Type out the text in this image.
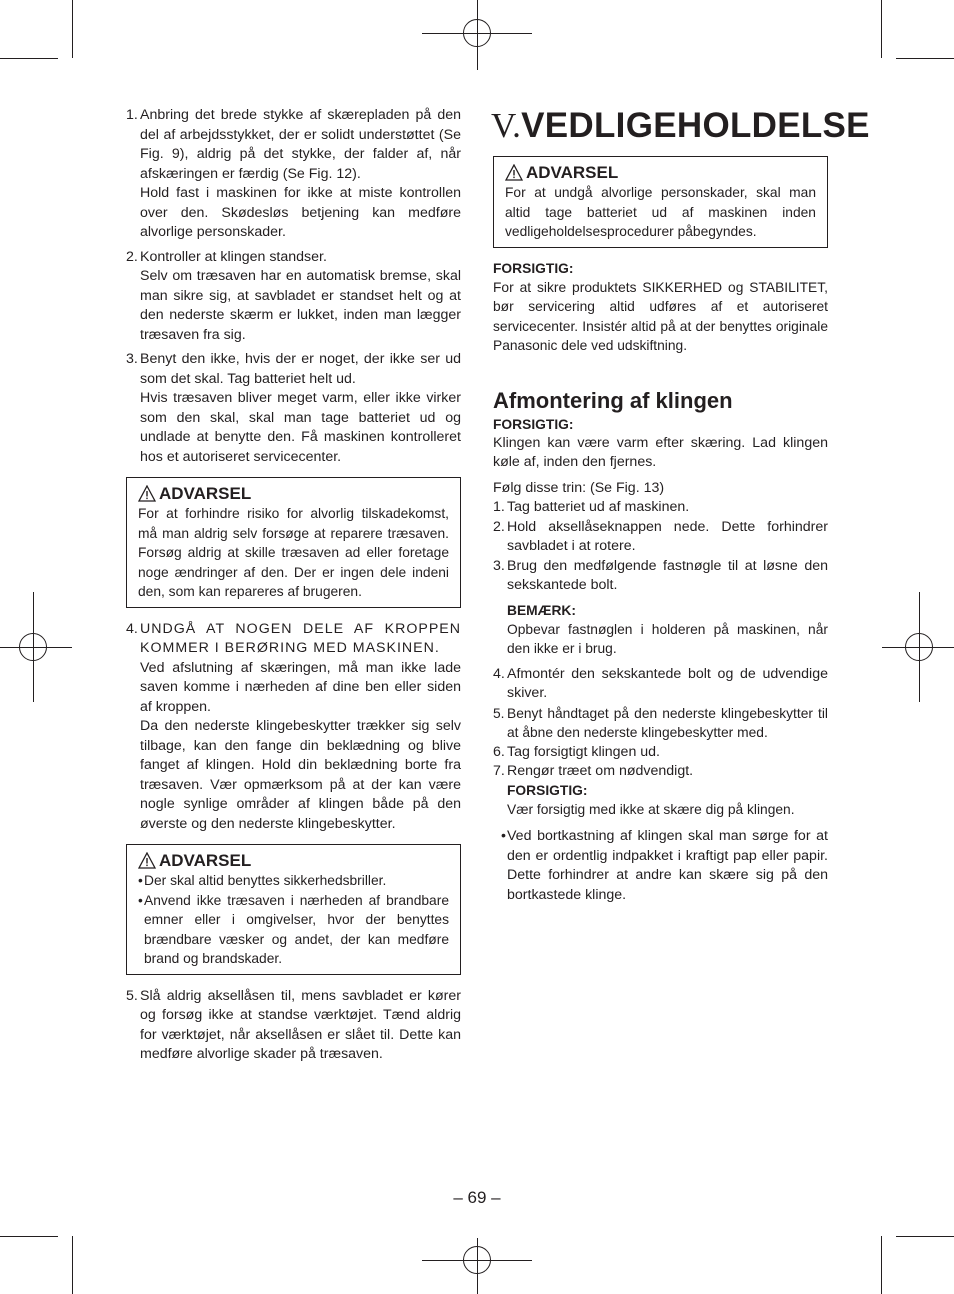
1. Anbring det brede stykke af skærepladen på den del af arbejdsstykket, der er solidt understøttet (Se Fig. 9), aldrig på det stykke, der falder af, når afskæringen er færdig (Se Fig. 12).

Hold fast i maskinen for ikke at miste kontrollen over den. Skødesløs betjening kan medføre alvorlige personskader.

2. Kontroller at klingen standser.

Selv om træsaven har en automatisk bremse, skal man sikre sig, at savbladet er standset helt og at den nederste skærm er lukket, inden man lægger træsaven fra sig.

3. Benyt den ikke, hvis der er noget, der ikke ser ud som det skal. Tag batteriet helt ud.

Hvis træsaven bliver meget varm, eller ikke virker som den skal, skal man tage batteriet ud og undlade at benytte den. Få maskinen kontrolleret hos et autoriseret servicecenter.

ADVARSEL

For at forhindre risiko for alvorlig tilskadekomst, må man aldrig selv forsøge at reparere træsaven. Forsøg aldrig at skille træsaven ad eller foretage noge ændringer af den. Der er ingen dele indeni den, som kan repareres af brugeren.

4. UNDGÅ AT NOGEN DELE AF KROPPEN KOMMER I BERØRING MED MASKINEN.

Ved afslutning af skæringen, må man ikke lade saven komme i nærheden af dine ben eller siden af kroppen.

Da den nederste klingebeskytter trækker sig selv tilbage, kan den fange din beklædning og blive fanget af klingen. Hold din beklædning borte fra træsaven. Vær opmærksom på at der kan være nogle synlige områder af klingen både på den øverste og den nederste klingebeskytter.

ADVARSEL
• Der skal altid benyttes sikkerhedsbriller.
• Anvend ikke træsaven i nærheden af brandbare emner eller i omgivelser, hvor der benyttes brændbare væsker og andet, der kan medføre brand og brandskader.
5. Slå aldrig aksellåsen til, mens savbladet er kører og forsøg ikke at standse værktøjet. Tænd aldrig for værktøjet, når aksellåsen er slået til. Dette kan medføre alvorlige skader på træsaven.

V.VEDLIGEHOLDELSE
ADVARSEL

For at undgå alvorlige personskader, skal man altid tage batteriet ud af maskinen inden vedligeholdelsesprocedurer påbegyndes.

FORSIGTIG:

For at sikre produktets SIKKERHED og STABILITET, bør servicering altid udføres af et autoriseret servicecenter. Insistér altid på at der benyttes originale Panasonic dele ved udskiftning.

Afmontering af klingen
FORSIGTIG:

Klingen kan være varm efter skæring. Lad klingen køle af, inden den fjernes.

Følg disse trin: (Se Fig. 13)

1. Tag batteriet ud af maskinen.
2. Hold aksellåseknappen nede. Dette forhindrer savbladet i at rotere.
3. Brug den medfølgende fastnøgle til at løsne den sekskantede bolt.
BEMÆRK:

Opbevar fastnøglen i holderen på maskinen, når den ikke er i brug.

4. Afmontér den sekskantede bolt og de udvendige skiver.
5. Benyt håndtaget på den nederste klingebeskytter til at åbne den nederste klingebeskytter med.
6. Tag forsigtigt klingen ud.
7. Rengør træet om nødvendigt.
FORSIGTIG:

Vær forsigtig med ikke at skære dig på klingen.

• Ved bortkastning af klingen skal man sørge for at den er ordentlig indpakket i kraftigt pap eller papir. Dette forhindrer at andre kan skære sig på den bortkastede klinge.
– 69 –
